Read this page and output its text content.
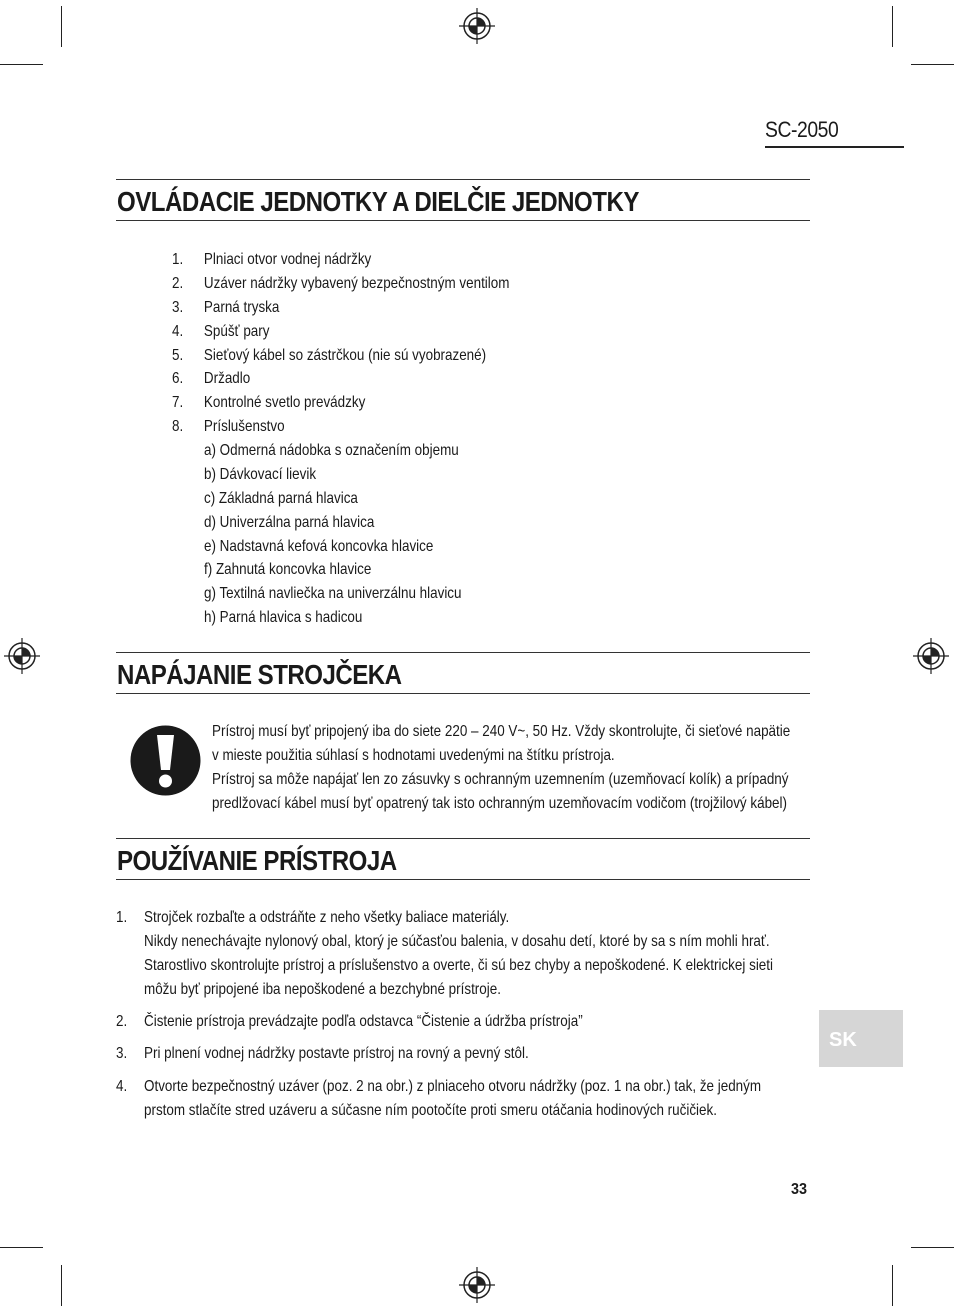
SC-2050
OVLÁDACIE JEDNOTKY A DIELČIE JEDNOTKY
1. Plniaci otvor vodnej nádržky
2. Uzáver nádržky vybavený bezpečnostným ventilom
3. Parná tryska
4. Spúšť pary
5. Sieťový kábel so zástrčkou (nie sú vyobrazené)
6. Držadlo
7. Kontrolné svetlo prevádzky
8. Príslušenstvo
a) Odmerná nádobka s označením objemu
b) Dávkovací lievik
c) Základná parná hlavica
d) Univerzálna parná hlavica
e) Nadstavná kefová koncovka hlavice
f) Zahnutá koncovka hlavice
g) Textilná navliečka na univerzálnu hlavicu
h) Parná hlavica s hadicou
NAPÁJANIE STROJČEKA
Prístroj musí byť pripojený iba do siete 220 – 240 V~, 50 Hz. Vždy skontrolujte, či sieťové napätie
v mieste použitia súhlasí s hodnotami uvedenými na štítku prístroja.
Prístroj sa môže napájať len zo zásuvky s ochranným uzemnením (uzemňovací kolík) a prípadný
predlžovací kábel musí byť opatrený tak isto ochranným uzemňovacím vodičom (trojžilový kábel)
POUŽÍVANIE PRÍSTROJA
1. Strojček rozbaľte a odstráňte z neho všetky baliace materiály.
Nikdy nenechávajte nylonový obal, ktorý je súčasťou balenia, v dosahu detí, ktoré by sa s ním mohli hrať.
Starostlivo skontrolujte prístroj a príslušenstvo a overte, či sú bez chyby a nepoškodené. K elektrickej sieti
môžu byť pripojené iba nepoškodené a bezchybné prístroje.
2. Čistenie prístroja prevádzajte podľa odstavca “Čistenie a údržba prístroja”
3. Pri plnení vodnej nádržky postavte prístroj na rovný a pevný stôl.
4. Otvorte bezpečnostný uzáver (poz. 2 na obr.) z plniaceho otvoru nádržky (poz. 1 na obr.) tak, že jedným
prstom stlačíte stred uzáveru a súčasne ním pootočíte proti smeru otáčania hodinových ručičiek.
SK
33
